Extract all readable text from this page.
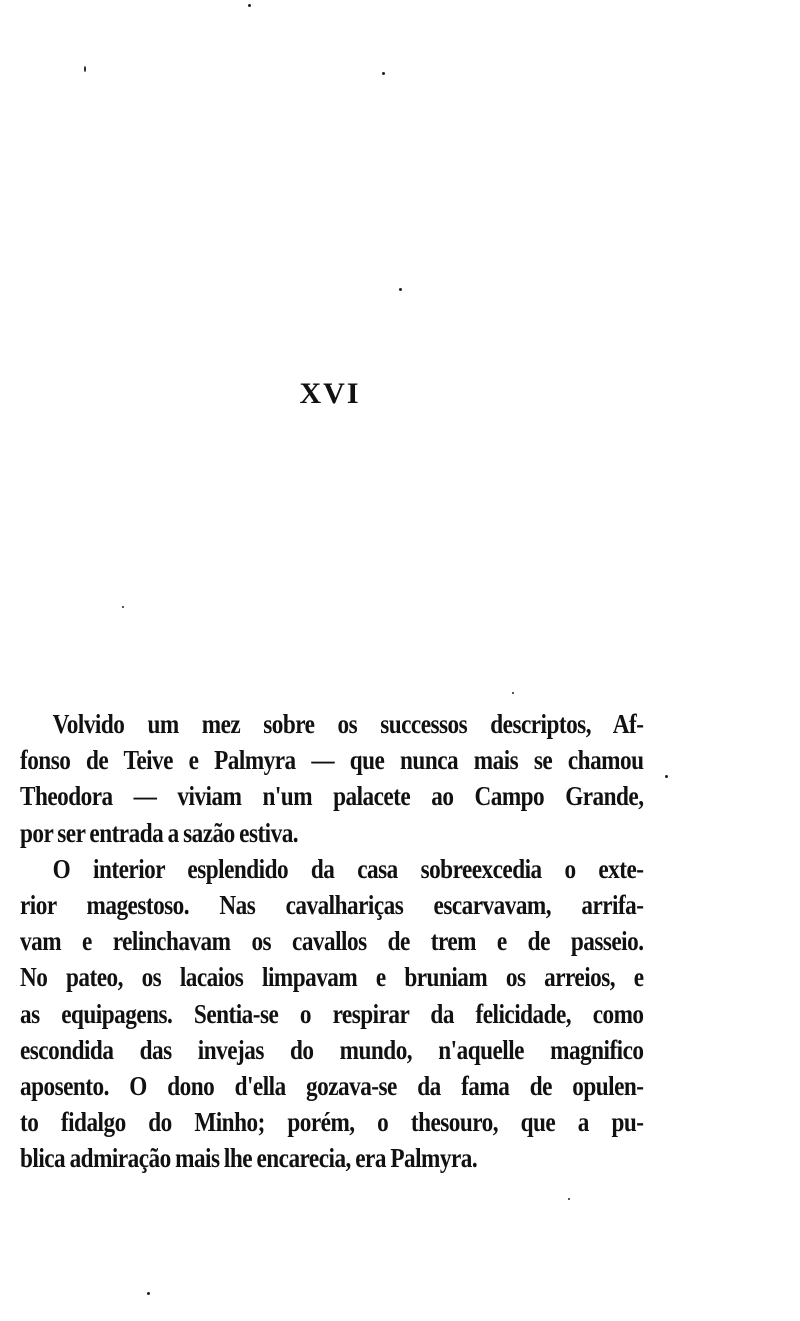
XVI
Volvido um mez sobre os successos descriptos, Af-
fonso de Teive e Palmyra — que nunca mais se chamou
Theodora — viviam n'um palacete ao Campo Grande,
por ser entrada a sazão estiva.
O interior esplendido da casa sobreexcedia o exte-
rior magestoso. Nas cavalhariças escarvavam, arrifa-
vam e relinchavam os cavallos de trem e de passeio.
No pateo, os lacaios limpavam e bruniam os arreios, e
as equipagens. Sentia-se o respirar da felicidade, como
escondida das invejas do mundo, n'aquelle magnifico
aposento. O dono d'ella gozava-se da fama de opulen-
to fidalgo do Minho; porém, o thesouro, que a pu-
blica admiração mais lhe encarecia, era Palmyra.
